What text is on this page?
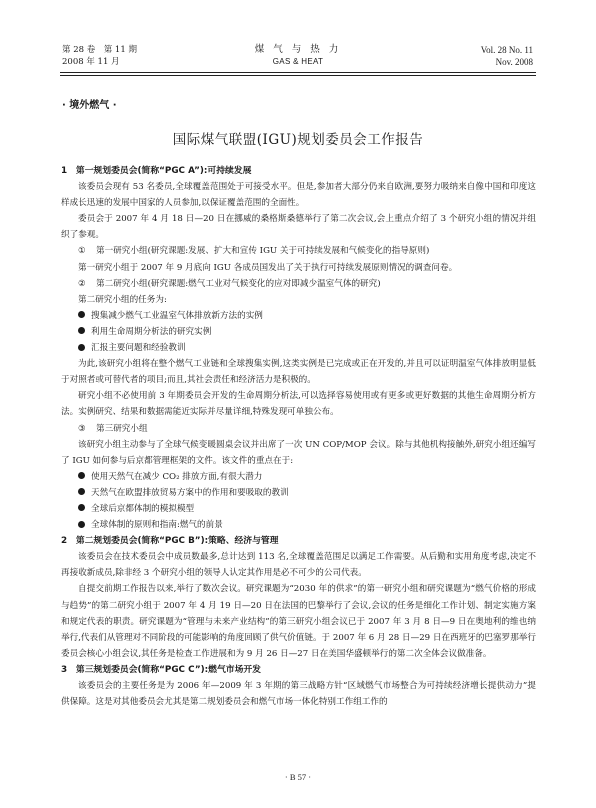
第 28 卷　第 11 期
2008 年 11 月
煤 气 与 热 力
GAS & HEAT
Vol. 28 No. 11
Nov. 2008
· 境外燃气 ·
国际煤气联盟(IGU)规划委员会工作报告

1　第一规划委员会(简称“PGC A”):可持续发展

该委员会现有 53 名委员,全球覆盖范围处于可接受水平。但是,参加者大部分仍来自欧洲,要努力吸纳来自像中国和印度这样成长迅速的发展中国家的人员参加,以保证覆盖范围的全面性。

委员会于 2007 年 4 月 18 日—20 日在挪威的桑格斯桑德举行了第二次会议,会上重点介绍了 3 个研究小组的情况并组织了参观。

① 第一研究小组(研究课题:发展、扩大和宣传 IGU 关于可持续发展和气候变化的指导原则)

第一研究小组于 2007 年 9 月底向 IGU 各成员国发出了关于执行可持续发展原则情况的调查问卷。

② 第二研究小组(研究课题:燃气工业对气候变化的应对即减少温室气体的研究)

第二研究小组的任务为:

搜集减少燃气工业温室气体排放新方法的实例

利用生命周期分析法的研究实例

汇报主要问题和经验教训

为此,该研究小组将在整个燃气工业链和全球搜集实例,这类实例是已完成或正在开发的,并且可以证明温室气体排放明显低于对照者或可替代者的项目;而且,其社会责任和经济活力是积极的。

研究小组不必使用前 3 年期委员会开发的生命周期分析法,可以选择容易使用或有更多或更好数据的其他生命周期分析方法。实例研究、结果和数据需能近实际并尽量详细,特殊发现可单独公布。

③ 第三研究小组

该研究小组主动参与了全球气候变暖圆桌会议并出席了一次 UN COP/MOP 会议。除与其他机构接触外,研究小组还编写了 IGU 如何参与后京都管理框架的文件。该文件的重点在于:

使用天然气在减少 CO₂ 排放方面,有很大潜力

天然气在欧盟排放贸易方案中的作用和要吸取的教训

全球后京都体制的模拟模型

全球体制的原则和指南:燃气的前景

2　第二规划委员会(简称“PGC B”):策略、经济与管理

该委员会在技术委员会中成员数最多,总计达到 113 名,全球覆盖范围足以满足工作需要。从后勤和实用角度考虑,决定不再接收新成员,除非经 3 个研究小组的领导人认定其作用是必不可少的公司代表。

自提交前期工作报告以来,举行了数次会议。研究课题为“2030 年的供求”的第一研究小组和研究课题为“燃气价格的形成与趋势”的第二研究小组于 2007 年 4 月 19 日—20 日在法国的巴黎举行了会议,会议的任务是细化工作计划、制定实施方案和规定代表的职责。研究课题为“管理与未来产业结构”的第三研究小组会议已于 2007 年 3 月 8 日—9 日在奥地利的维也纳举行,代表们从管理对不同阶段的可能影响的角度回顾了供气价值链。于 2007 年 6 月 28 日—29 日在西班牙的巴塞罗那举行委员会核心小组会议,其任务是检查工作进展和为 9 月 26 日—27 日在美国华盛顿举行的第二次全体会议做准备。

3　第三规划委员会(简称“PGC C”):燃气市场开发

该委员会的主要任务是为 2006 年—2009 年 3 年期的第三战略方针“区域燃气市场整合为可持续经济增长提供动力”提供保障。这是对其他委员会尤其是第二规划委员会和燃气市场一体化特别工作组工作的

· B 57 ·
